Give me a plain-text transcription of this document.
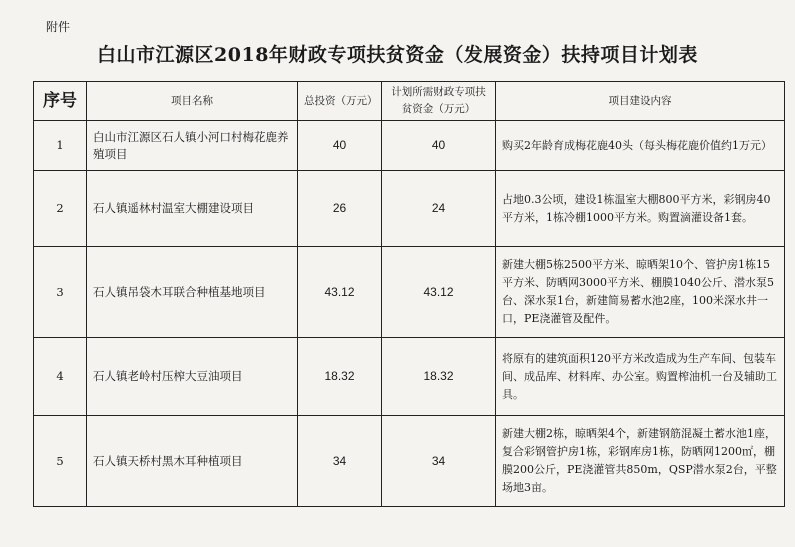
附件
白山市江源区2018年财政专项扶贫资金（发展资金）扶持项目计划表
序号	项目名称	总投资（万元）	计划所需财政专项扶贫资金（万元）	项目建设内容
1	白山市江源区石人镇小河口村梅花鹿养殖项目	40	40	购买2年龄育成梅花鹿40头（每头梅花鹿价值约1万元）
2	石人镇遥林村温室大棚建设项目	26	24	占地0.3公顷，建设1栋温室大棚800平方米，彩钢房40平方米，1栋冷棚1000平方米。购置滴灌设备1套。
3	石人镇吊袋木耳联合种植基地项目	43.12	43.12	新建大棚5栋2500平方米、晾晒架10个、管护房1栋15平方米、防晒网3000平方米、棚膜1040公斤、潜水泵5台、深水泵1台，新建简易蓄水池2座，100米深水井一口，PE浇灌管及配件。
4	石人镇老岭村压榨大豆油项目	18.32	18.32	将原有的建筑面积120平方米改造成为生产车间、包装车间、成品库、材料库、办公室。购置榨油机一台及辅助工具。
5	石人镇天桥村黑木耳种植项目	34	34	新建大棚2栋，晾晒架4个，新建钢筋混凝土蓄水池1座，复合彩钢管护房1栋，彩钢库房1栋，防晒网1200㎡，棚膜200公斤，PE浇灌管共850m，QSP潜水泵2台，平整场地3亩。
